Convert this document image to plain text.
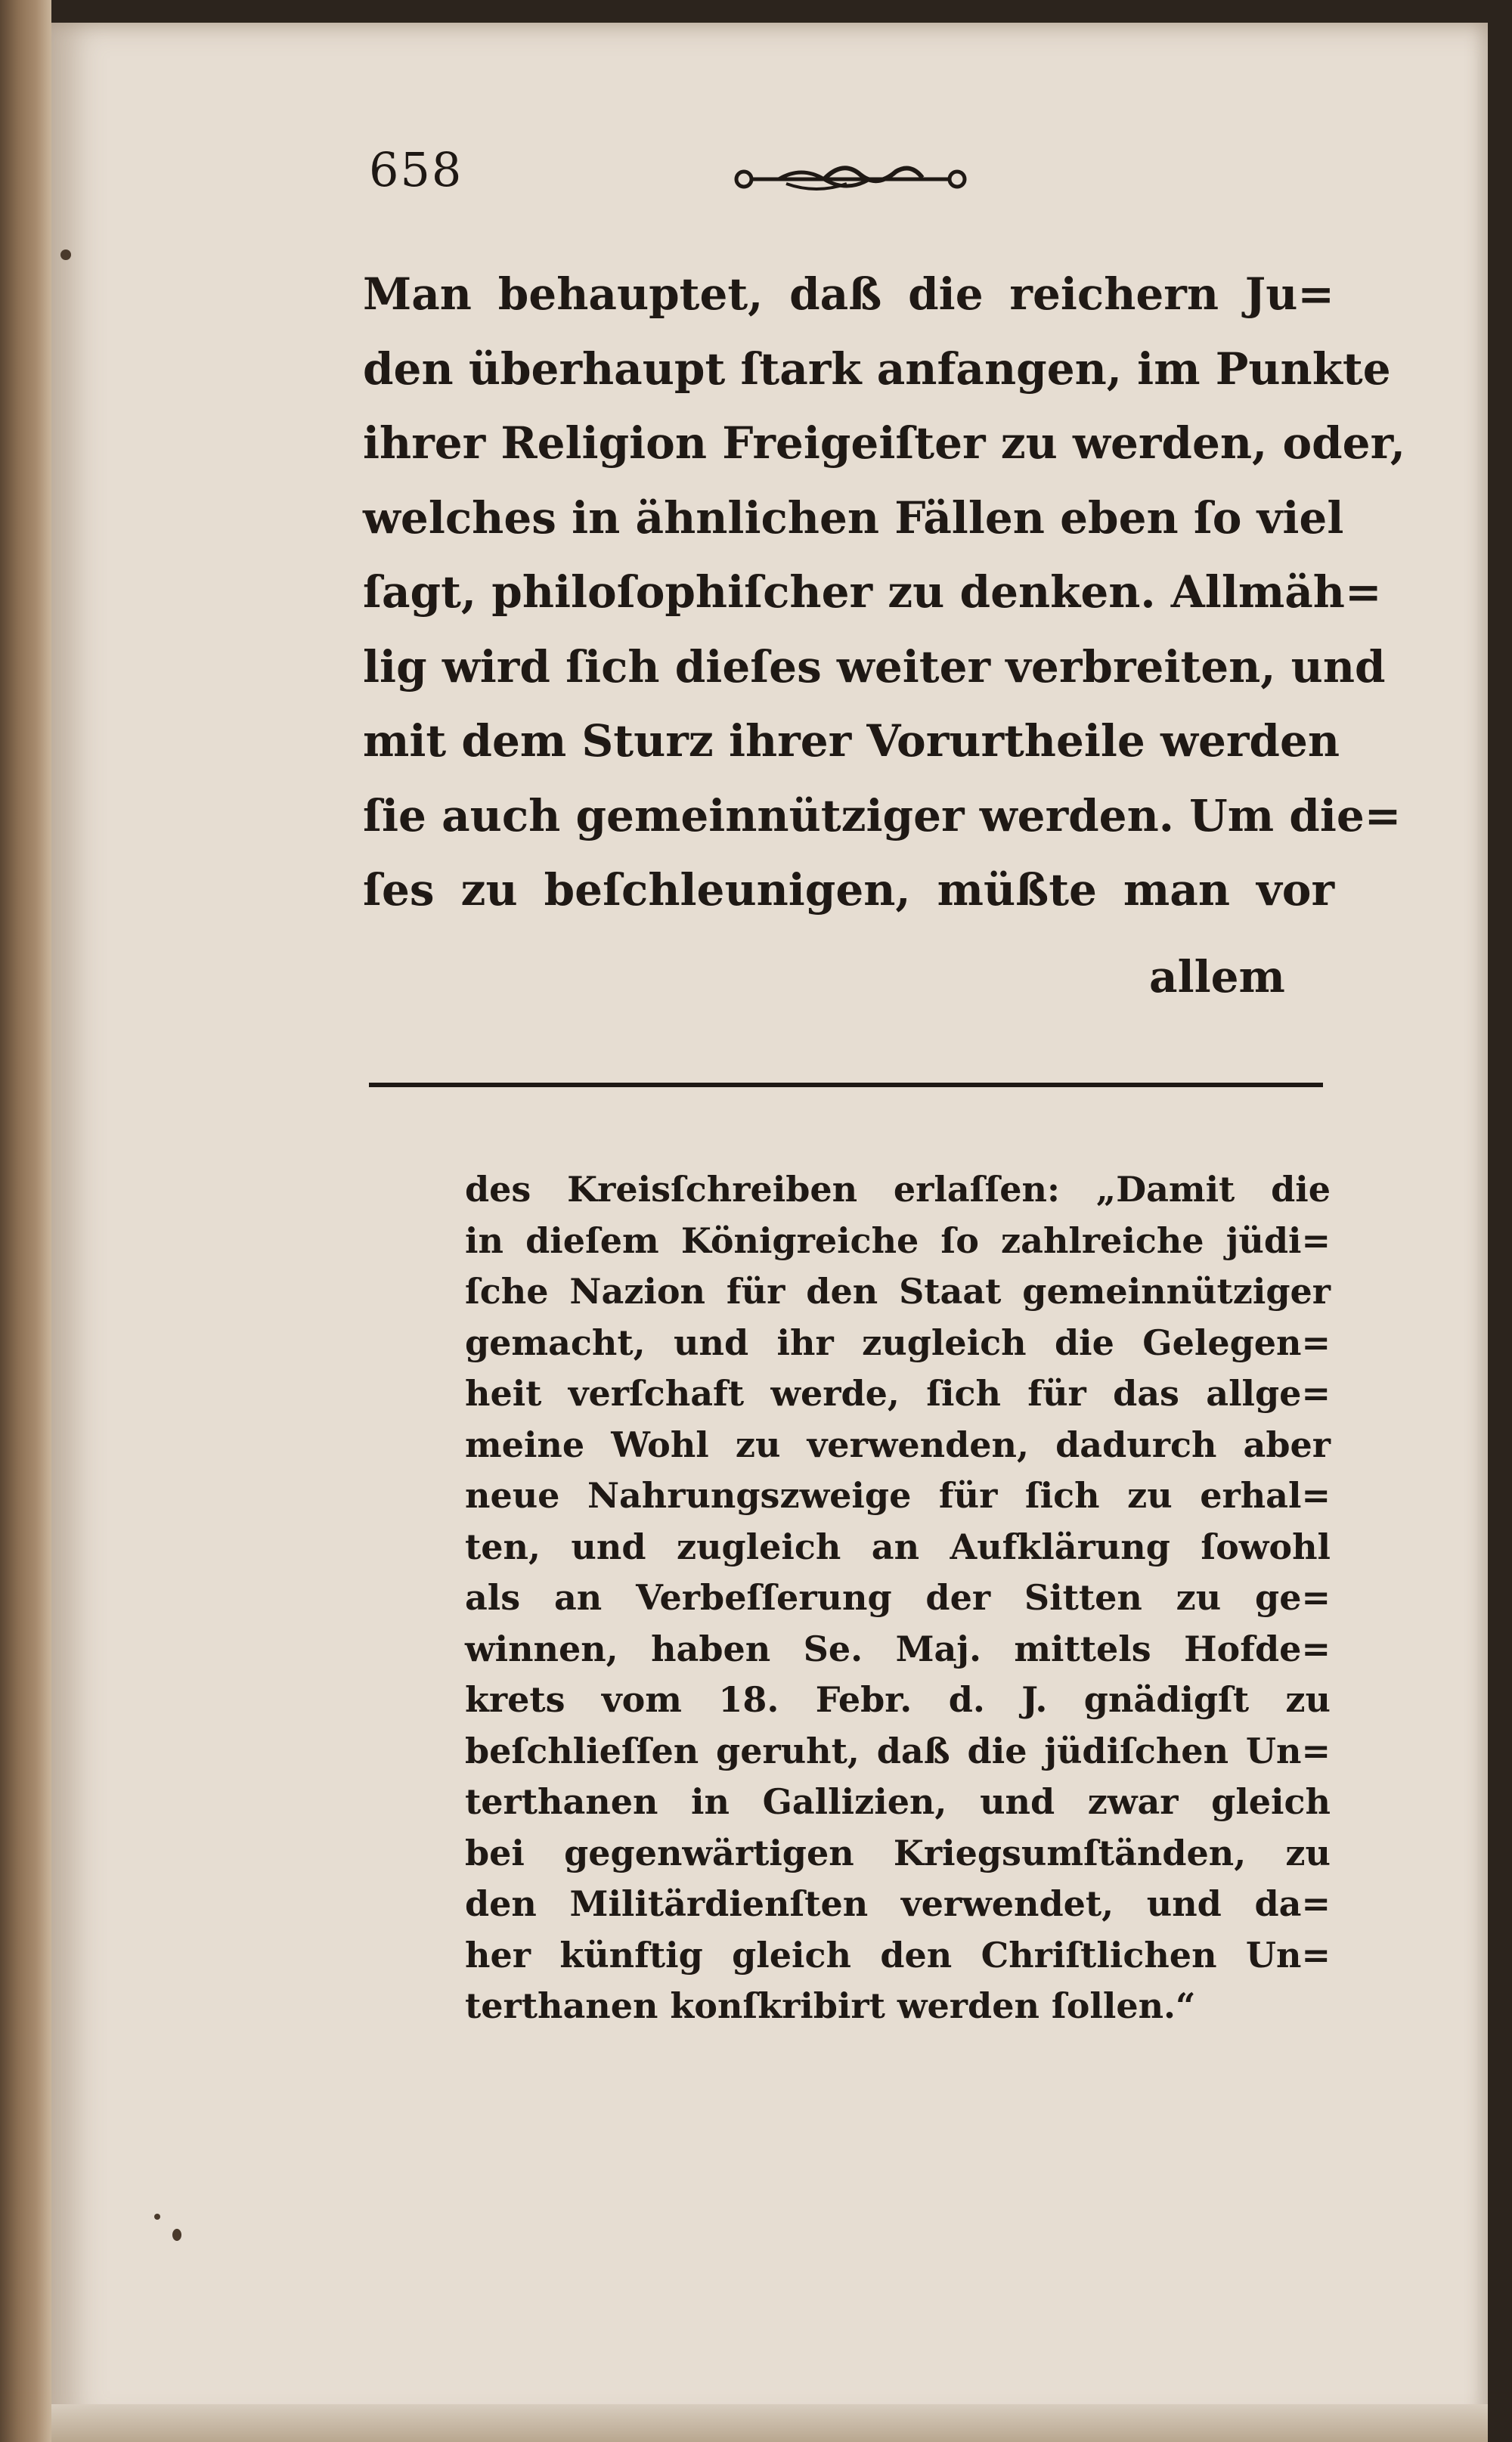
658
Man behauptet, daß die reichern Ju=
den überhaupt ſtark anfangen, im Punkte
ihrer Religion Freigeiſter zu werden, oder,
welches in ähnlichen Fällen eben ſo viel
ſagt, philoſophiſcher zu denken. Allmäh=
lig wird ſich dieſes weiter verbreiten, und
mit dem Sturz ihrer Vorurtheile werden
ſie auch gemeinnütziger werden. Um die=
ſes zu beſchleunigen, müßte man vor
allem
des Kreisſchreiben erlaſſen: „Damit die
in dieſem Königreiche ſo zahlreiche jüdi=
ſche Nazion für den Staat gemeinnütziger
gemacht, und ihr zugleich die Gelegen=
heit verſchaft werde, ſich für das allge=
meine Wohl zu verwenden, dadurch aber
neue Nahrungszweige für ſich zu erhal=
ten, und zugleich an Aufklärung ſowohl
als an Verbeſſerung der Sitten zu ge=
winnen, haben Se. Maj. mittels Hofde=
krets vom 18. Febr. d. J. gnädigſt zu
beſchlieſſen geruht, daß die jüdiſchen Un=
terthanen in Gallizien, und zwar gleich
bei gegenwärtigen Kriegsumſtänden, zu
den Militärdienſten verwendet, und da=
her künftig gleich den Chriſtlichen Un=
terthanen konſkribirt werden ſollen.“
